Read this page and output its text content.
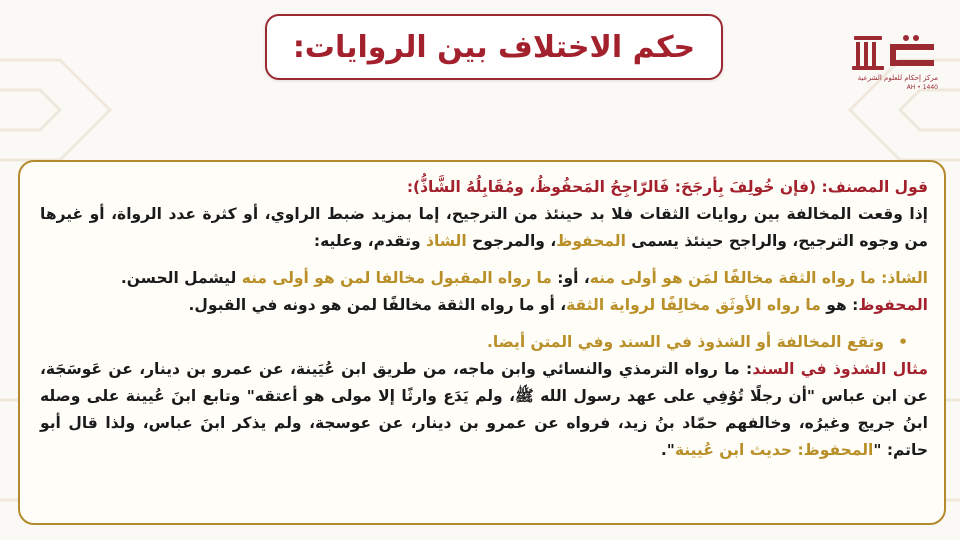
حكم الاختلاف بين الروايات:
مركز إحكام للعلوم الشرعية
AH • 1440

قول المصنف: (فإن خُولِفَ بِأرجَحَ: فَالرّاجِحُ المَحفُوظُ، ومُقَابِلُهُ الشَّاذُّ):

إذا وقعت المخالفة بين روايات الثقات فلا بد حينئذ من الترجيح، إما بمزيد ضبط الراوي، أو كثرة عدد الرواة، أو غيرها من وجوه الترجيح، والراجح حينئذ يسمى المحفوظ، والمرجوح الشاذ وتقدم، وعليه:

الشاذ: ما رواه الثقة مخالفًا لمَن هو أولى منه، أو: ما رواه المقبول مخالفا لمن هو أولى منه ليشمل الحسن.

المحفوظ: هو ما رواه الأوثَق مخالِفًا لرواية الثقة، أو ما رواه الثقة مخالفًا لمن هو دونه في القبول.

•وتقع المخالفة أو الشذوذ في السند وفي المتن أيضا.

مثال الشذوذ في السند: ما رواه الترمذي والنسائي وابن ماجه، من طريق ابن عُيَينة، عن عمرو بن دينار، عن عَوسَجَة، عن ابن عباس "أن رجلًا تُوُفِي على عهد رسول الله ﷺ، ولم يَدَع وارثًا إلا مولى هو أعتقه" وتابع ابنَ عُيينة على وصله ابنُ جريج وغيرُه، وخالفهم حمّاد بنُ زيد، فرواه عن عمرو بن دينار، عن عوسجة، ولم يذكر ابنَ عباس، ولذا قال أبو حاتم: "المحفوظ: حديث ابن عُيينة".
